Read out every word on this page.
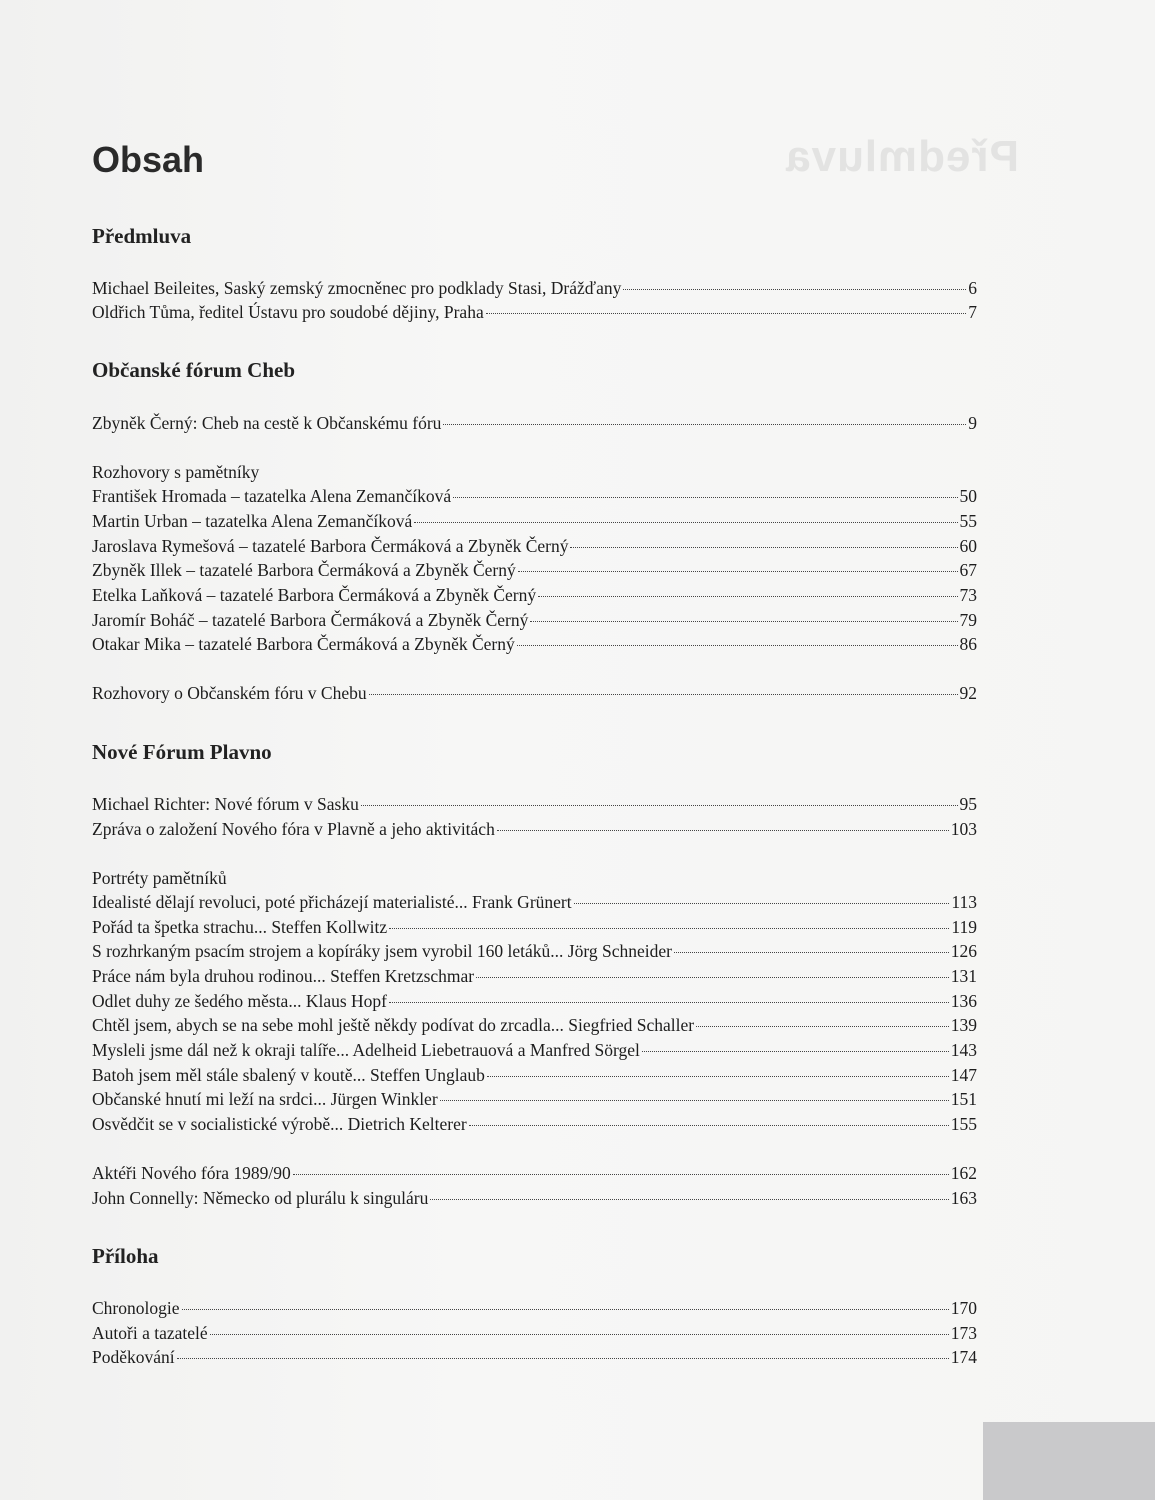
Předmluva
Obsah
Předmluva
Michael Beileites, Saský zemský zmocněnec pro podklady Stasi, Drážďany	6
Oldřich Tůma, ředitel Ústavu pro soudobé dějiny, Praha	7
Občanské fórum Cheb
Zbyněk Černý: Cheb na cestě k Občanskému fóru	9
Rozhovory s pamětníky
František Hromada – tazatelka Alena Zemančíková	50
Martin Urban – tazatelka Alena Zemančíková	55
Jaroslava Rymešová – tazatelé Barbora Čermáková a Zbyněk Černý	60
Zbyněk Illek – tazatelé Barbora Čermáková a Zbyněk Černý	67
Etelka Laňková – tazatelé Barbora Čermáková a Zbyněk Černý	73
Jaromír Boháč – tazatelé Barbora Čermáková a Zbyněk Černý	79
Otakar Mika – tazatelé Barbora Čermáková a Zbyněk Černý	86
Rozhovory o Občanském fóru v Chebu	92
Nové Fórum Plavno
Michael Richter: Nové fórum v Sasku	95
Zpráva o založení Nového fóra v Plavně a jeho aktivitách	103
Portréty pamětníků
Idealisté dělají revoluci, poté přicházejí materialisté... Frank Grünert	113
Pořád ta špetka strachu... Steffen Kollwitz	119
S rozhrkaným psacím strojem a kopíráky jsem vyrobil 160 letáků... Jörg Schneider	126
Práce nám byla druhou rodinou... Steffen Kretzschmar	131
Odlet duhy ze šedého města... Klaus Hopf	136
Chtěl jsem, abych se na sebe mohl ještě někdy podívat do zrcadla... Siegfried Schaller	139
Mysleli jsme dál než k okraji talíře... Adelheid Liebetrauová a Manfred Sörgel	143
Batoh jsem měl stále sbalený v koutě... Steffen Unglaub	147
Občanské hnutí mi leží na srdci... Jürgen Winkler	151
Osvědčit se v socialistické výrobě... Dietrich Kelterer	155
Aktéři Nového fóra 1989/90	162
John Connelly: Německo od plurálu k singuláru	163
Příloha
Chronologie	170
Autoři a tazatelé	173
Poděkování	174
